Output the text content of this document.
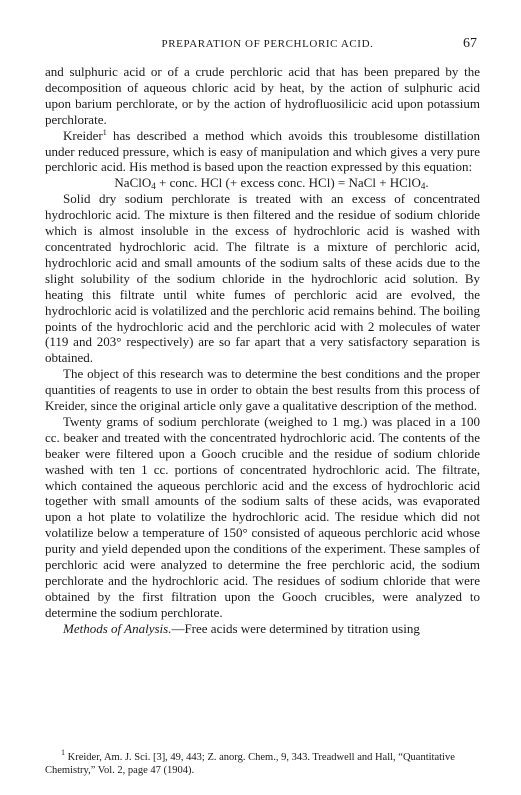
PREPARATION OF PERCHLORIC ACID.	67

and sulphuric acid or of a crude perchloric acid that has been prepared by the decomposition of aqueous chloric acid by heat, by the action of sulphuric acid upon barium perchlorate, or by the action of hydrofluosilicic acid upon potassium perchlorate.

Kreider$^1$ has described a method which avoids this troublesome distillation under reduced pressure, which is easy of manipulation and which gives a very pure perchloric acid. His method is based upon the reaction expressed by this equation:

NaClO$_4$ + conc. HCl (+ excess conc. HCl) = NaCl + HClO$_4$.

Solid dry sodium perchlorate is treated with an excess of concentrated hydrochloric acid. The mixture is then filtered and the residue of sodium chloride which is almost insoluble in the excess of hydrochloric acid is washed with concentrated hydrochloric acid. The filtrate is a mixture of perchloric acid, hydrochloric acid and small amounts of the sodium salts of these acids due to the slight solubility of the sodium chloride in the hydrochloric acid solution. By heating this filtrate until white fumes of perchloric acid are evolved, the hydrochloric acid is volatilized and the perchloric acid remains behind. The boiling points of the hydrochloric acid and the perchloric acid with 2 molecules of water (119 and 203° respectively) are so far apart that a very satisfactory separation is obtained.

The object of this research was to determine the best conditions and the proper quantities of reagents to use in order to obtain the best results from this process of Kreider, since the original article only gave a qualitative description of the method.

Twenty grams of sodium perchlorate (weighed to 1 mg.) was placed in a 100 cc. beaker and treated with the concentrated hydrochloric acid. The contents of the beaker were filtered upon a Gooch crucible and the residue of sodium chloride washed with ten 1 cc. portions of concentrated hydrochloric acid. The filtrate, which contained the aqueous perchloric acid and the excess of hydrochloric acid together with small amounts of the sodium salts of these acids, was evaporated upon a hot plate to volatilize the hydrochloric acid. The residue which did not volatilize below a temperature of 150° consisted of aqueous perchloric acid whose purity and yield depended upon the conditions of the experiment. These samples of perchloric acid were analyzed to determine the free perchloric acid, the sodium perchlorate and the hydrochloric acid. The residues of sodium chloride that were obtained by the first filtration upon the Gooch crucibles, were analyzed to determine the sodium perchlorate.

Methods of Analysis.—Free acids were determined by titration using

$^1$ Kreider, Am. J. Sci. [3], 49, 443; Z. anorg. Chem., 9, 343. Treadwell and Hall, “Quantitative Chemistry,” Vol. 2, page 47 (1904).
